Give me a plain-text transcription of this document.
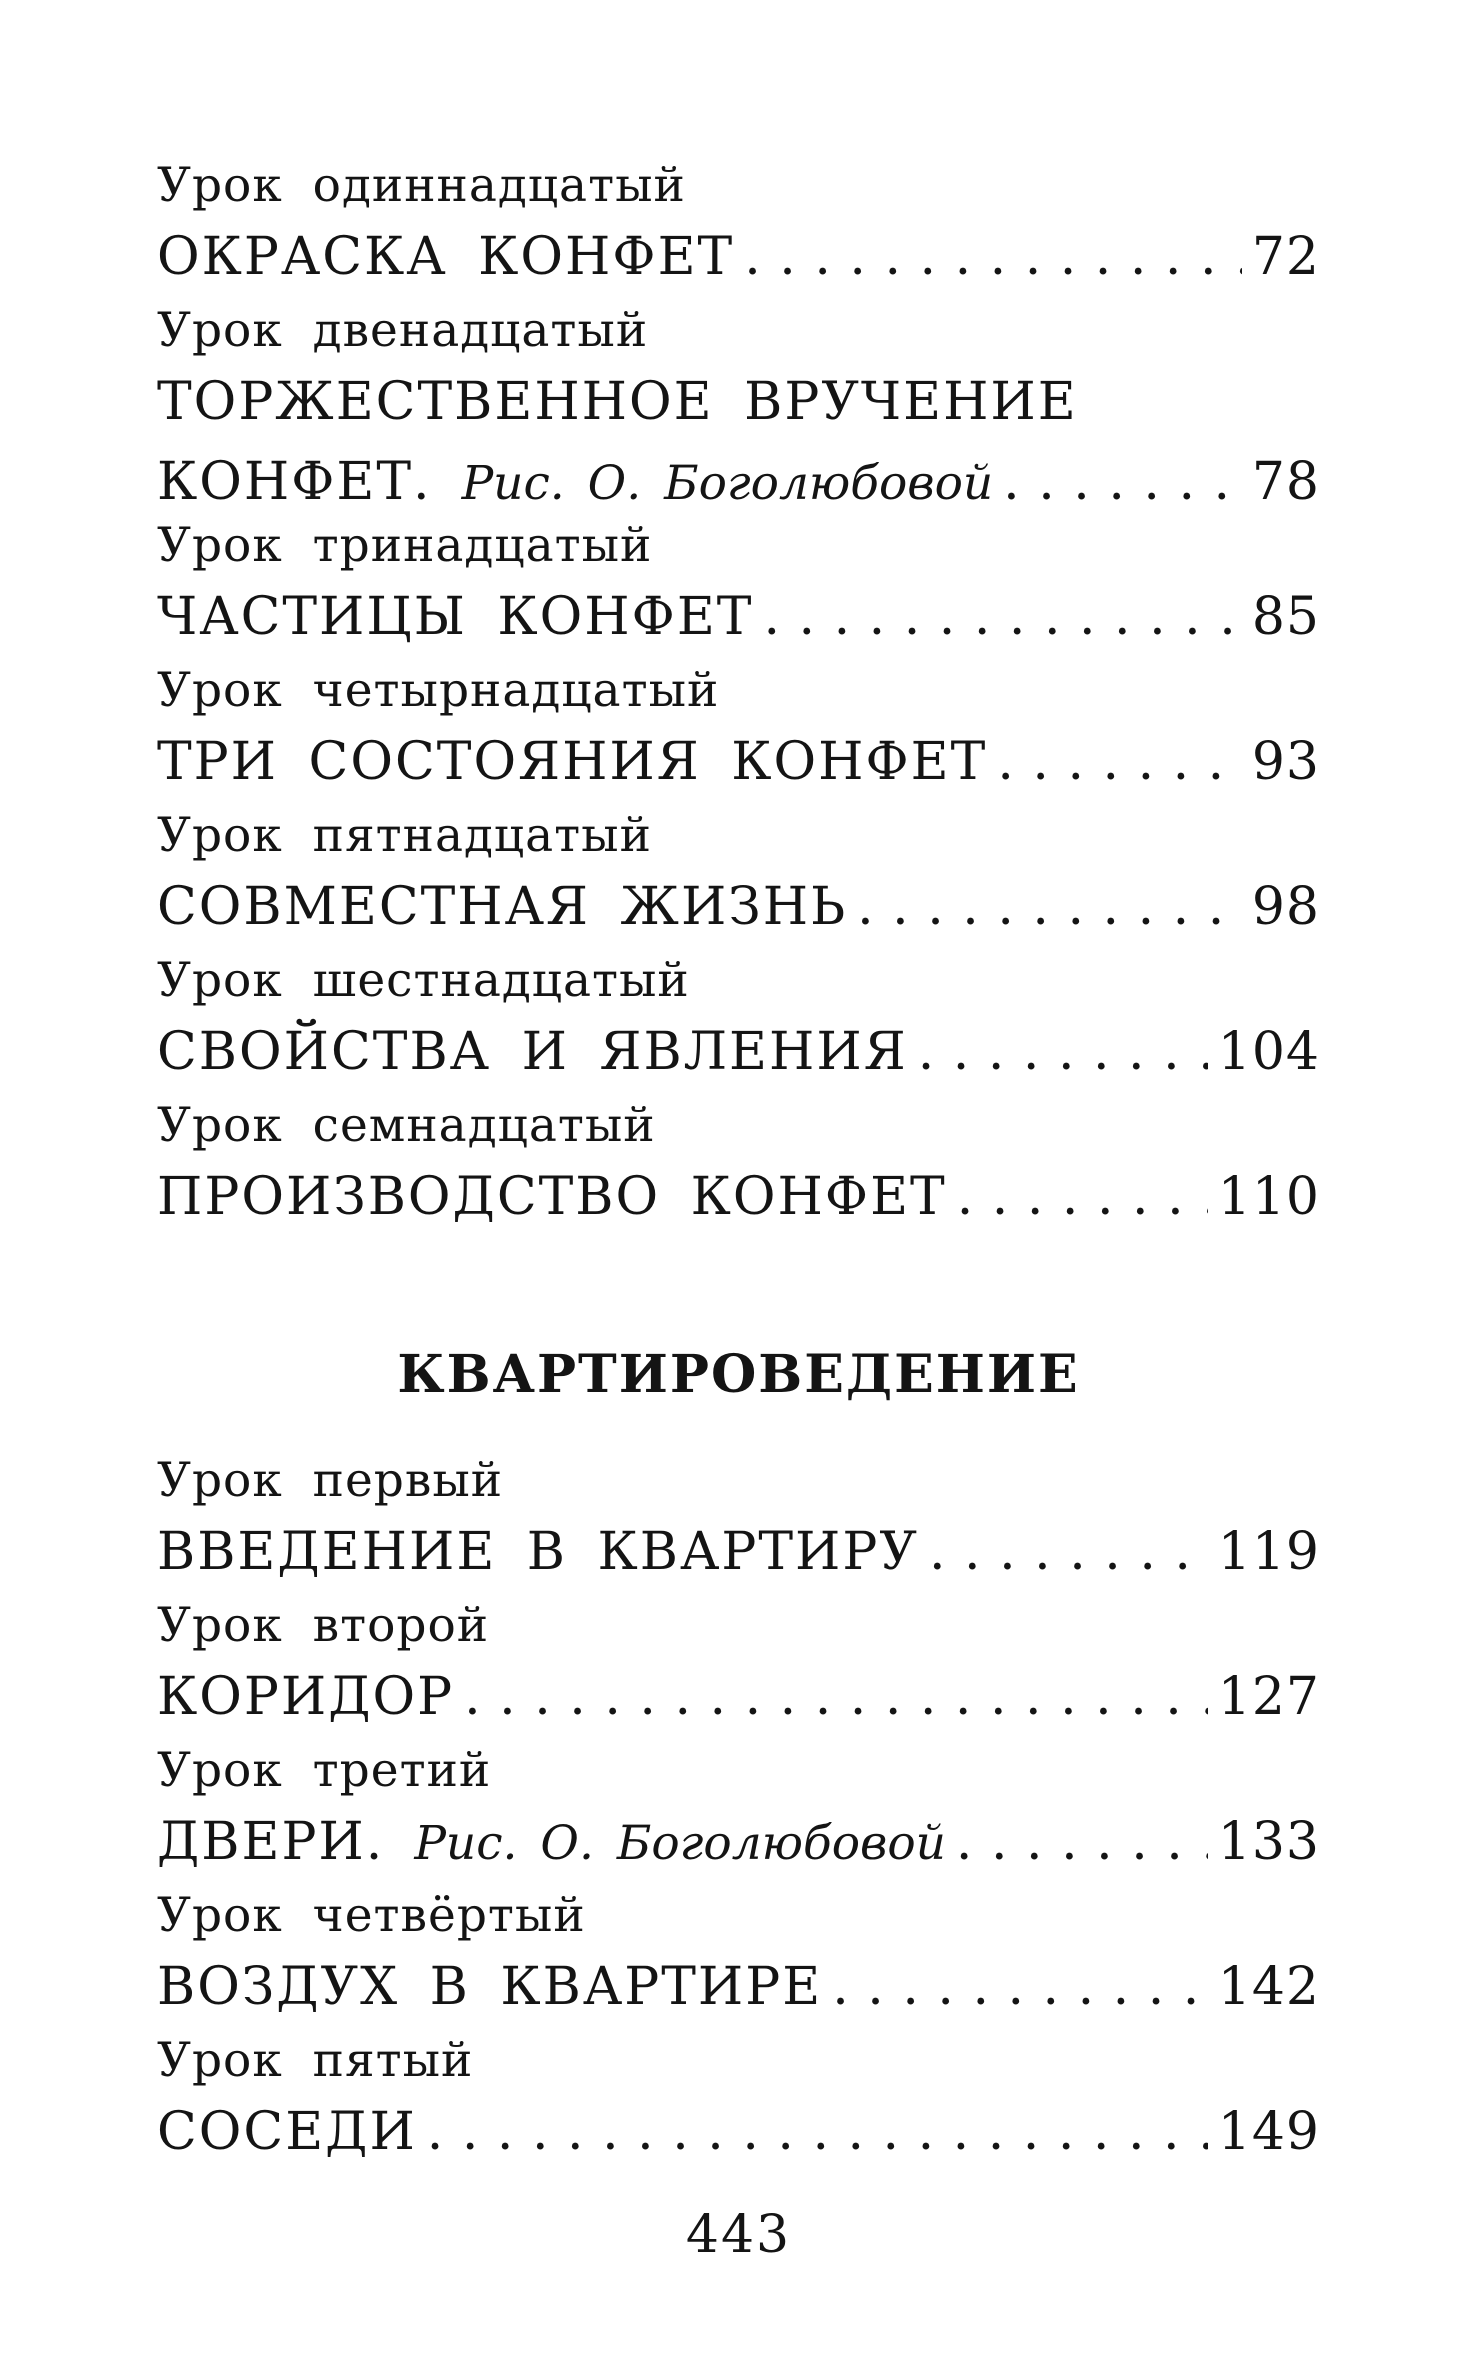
Урок одиннадцатый
ОКРАСКА КОНФЕТ . . .	72
Урок двенадцатый
ТОРЖЕСТВЕННОЕ ВРУЧЕНИЕ
КОНФЕТ. Рис. О. Боголюбовой . . .	78
Урок тринадцатый
ЧАСТИЦЫ КОНФЕТ . . .	85
Урок четырнадцатый
ТРИ СОСТОЯНИЯ КОНФЕТ . . .	93
Урок пятнадцатый
СОВМЕСТНАЯ ЖИЗНЬ . . .	98
Урок шестнадцатый
СВОЙСТВА И ЯВЛЕНИЯ . . .	104
Урок семнадцатый
ПРОИЗВОДСТВО КОНФЕТ . . .	110
КВАРТИРОВЕДЕНИЕ
Урок первый
ВВЕДЕНИЕ В КВАРТИРУ . . .	119
Урок второй
КОРИДОР . . .	127
Урок третий
ДВЕРИ. Рис. О. Боголюбовой . . .	133
Урок четвёртый
ВОЗДУХ В КВАРТИРЕ . . .	142
Урок пятый
СОСЕДИ . . .	149
443
